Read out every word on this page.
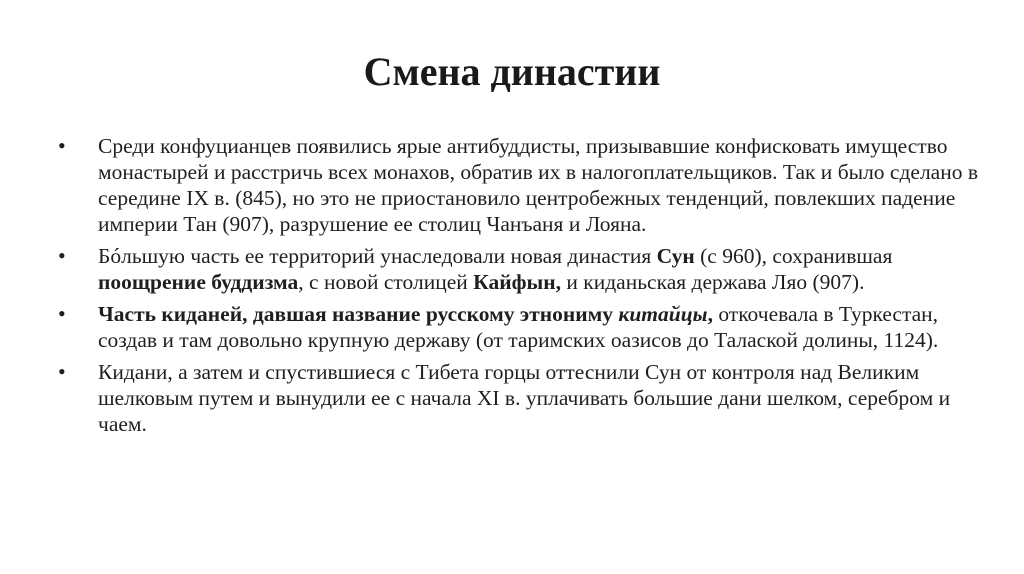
Смена династии
•	Среди конфуцианцев появились ярые антибуддисты, призывавшие конфисковать имущество монастырей и расстричь всех монахов, обратив их в налогоплательщиков. Так и было сделано в середине IX в. (845), но это не приостановило центробежных тенденций, повлекших падение империи Тан (907), разрушение ее столиц Чанъаня и Лояна.
•	Бóльшую часть ее территорий унаследовали новая династия Сун (с 960), сохранившая поощрение буддизма, с новой столицей Кайфын, и киданьская держава Ляо (907).
•	Часть киданей, давшая название русскому этнониму китайцы, откочевала в Туркестан, создав и там довольно крупную державу (от таримских оазисов до Талаской долины, 1124).
•	Кидани, а затем и спустившиеся с Тибета горцы оттеснили Сун от контроля над Великим шелковым путем и вынудили ее с начала XI в. уплачивать большие дани шелком, серебром и чаем.
